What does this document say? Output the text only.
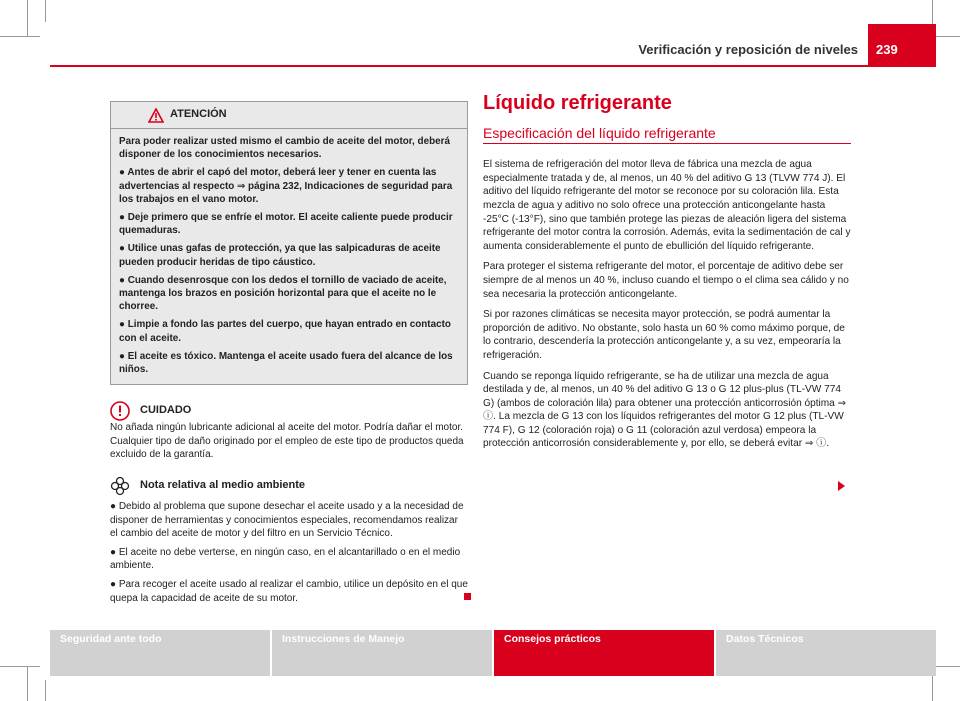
Verificación y reposición de niveles	239
ATENCIÓN

Para poder realizar usted mismo el cambio de aceite del motor, deberá disponer de los conocimientos necesarios.

● Antes de abrir el capó del motor, deberá leer y tener en cuenta las advertencias al respecto ⇒ página 232, Indicaciones de seguridad para los trabajos en el vano motor.

● Deje primero que se enfríe el motor. El aceite caliente puede producir quemaduras.

● Utilice unas gafas de protección, ya que las salpicaduras de aceite pueden producir heridas de tipo cáustico.

● Cuando desenrosque con los dedos el tornillo de vaciado de aceite, mantenga los brazos en posición horizontal para que el aceite no le chorree.

● Limpie a fondo las partes del cuerpo, que hayan entrado en contacto con el aceite.

● El aceite es tóxico. Mantenga el aceite usado fuera del alcance de los niños.

CUIDADO

No añada ningún lubricante adicional al aceite del motor. Podría dañar el motor. Cualquier tipo de daño originado por el empleo de este tipo de productos queda excluido de la garantía.

Nota relativa al medio ambiente

● Debido al problema que supone desechar el aceite usado y a la necesidad de disponer de herramientas y conocimientos especiales, recomendamos realizar el cambio del aceite de motor y del filtro en un Servicio Técnico.

● El aceite no debe verterse, en ningún caso, en el alcantarillado o en el medio ambiente.

● Para recoger el aceite usado al realizar el cambio, utilice un depósito en el que quepa la capacidad de aceite de su motor.

Líquido refrigerante
Especificación del líquido refrigerante

El sistema de refrigeración del motor lleva de fábrica una mezcla de agua especialmente tratada y de, al menos, un 40 % del aditivo G 13 (TLVW 774 J). El aditivo del líquido refrigerante del motor se reconoce por su coloración lila. Esta mezcla de agua y aditivo no solo ofrece una protección anticongelante hasta -25°C (-13°F), sino que también protege las piezas de aleación ligera del sistema refrigerante del motor contra la corrosión. Además, evita la sedimentación de cal y aumenta considerablemente el punto de ebullición del líquido refrigerante.

Para proteger el sistema refrigerante del motor, el porcentaje de aditivo debe ser siempre de al menos un 40 %, incluso cuando el tiempo o el clima sea cálido y no sea necesaria la protección anticongelante.

Si por razones climáticas se necesita mayor protección, se podrá aumentar la proporción de aditivo. No obstante, solo hasta un 60 % como máximo porque, de lo contrario, descendería la protección anticongelante y, a su vez, empeoraría la refrigeración.

Cuando se reponga líquido refrigerante, se ha de utilizar una mezcla de agua destilada y de, al menos, un 40 % del aditivo G 13 o G 12 plus-plus (TL-VW 774 G) (ambos de coloración lila) para obtener una protección anticorrosión óptima ⇒ ⓘ. La mezcla de G 13 con los líquidos refrigerantes del motor G 12 plus (TL-VW 774 F), G 12 (coloración roja) o G 11 (coloración azul verdosa) empeora la protección anticorrosión considerablemente y, por ello, se deberá evitar ⇒ ⓘ.

Seguridad ante todo	Instrucciones de Manejo	Consejos prácticos	Datos Técnicos
